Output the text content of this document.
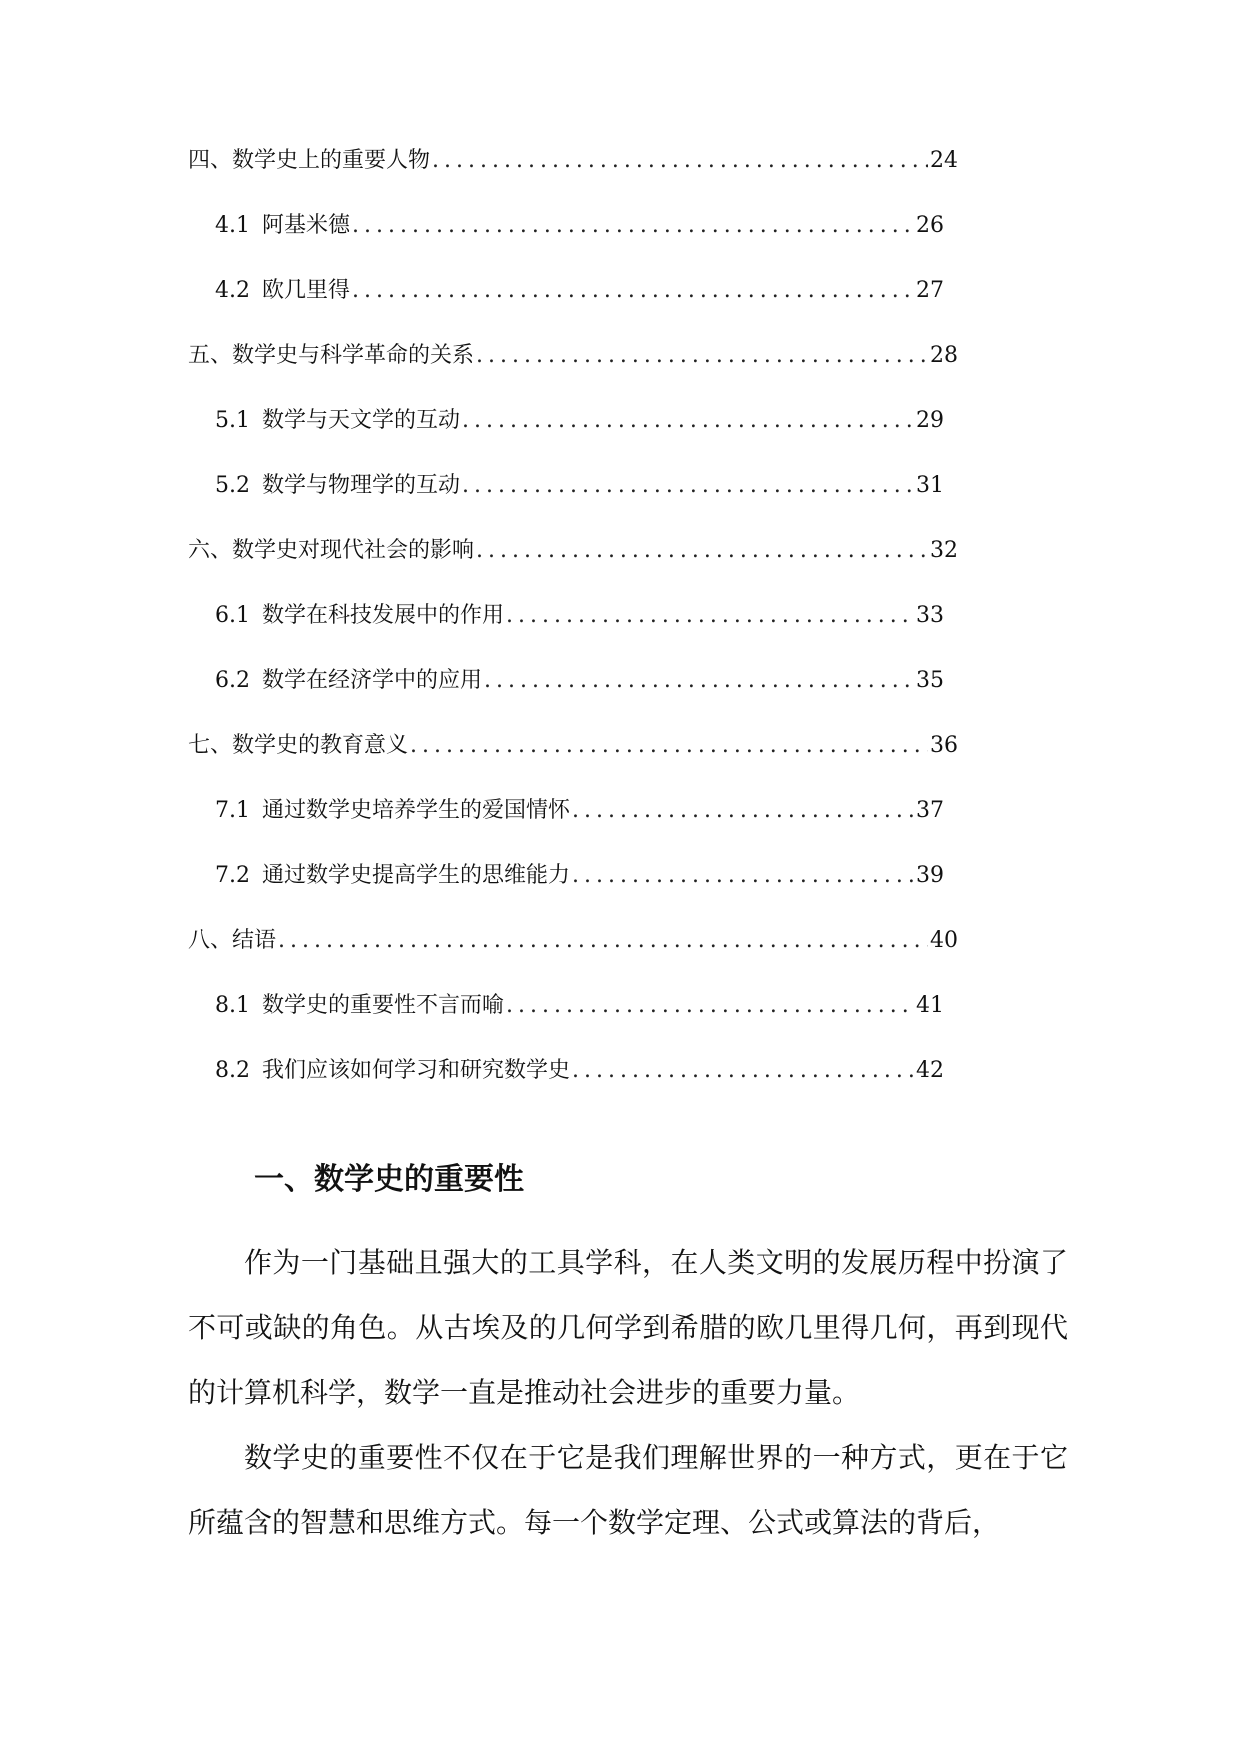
四、数学史上的重要人物 .....	24
4.1 阿基米德 .....	26
4.2 欧几里得 .....	27
五、数学史与科学革命的关系 .....	28
5.1 数学与天文学的互动 .....	29
5.2 数学与物理学的互动 .....	31
六、数学史对现代社会的影响 .....	32
6.1 数学在科技发展中的作用 .....	33
6.2 数学在经济学中的应用 .....	35
七、数学史的教育意义 .....	36
7.1 通过数学史培养学生的爱国情怀 .....	37
7.2 通过数学史提高学生的思维能力 .....	39
八、结语 .....	40
8.1 数学史的重要性不言而喻 .....	41
8.2 我们应该如何学习和研究数学史 .....	42
一、数学史的重要性

作为一门基础且强大的工具学科，在人类文明的发展历程中扮演了不可或缺的角色。从古埃及的几何学到希腊的欧几里得几何，再到现代的计算机科学，数学一直是推动社会进步的重要力量。

数学史的重要性不仅在于它是我们理解世界的一种方式，更在于它所蕴含的智慧和思维方式。每一个数学定理、公式或算法的背后，
